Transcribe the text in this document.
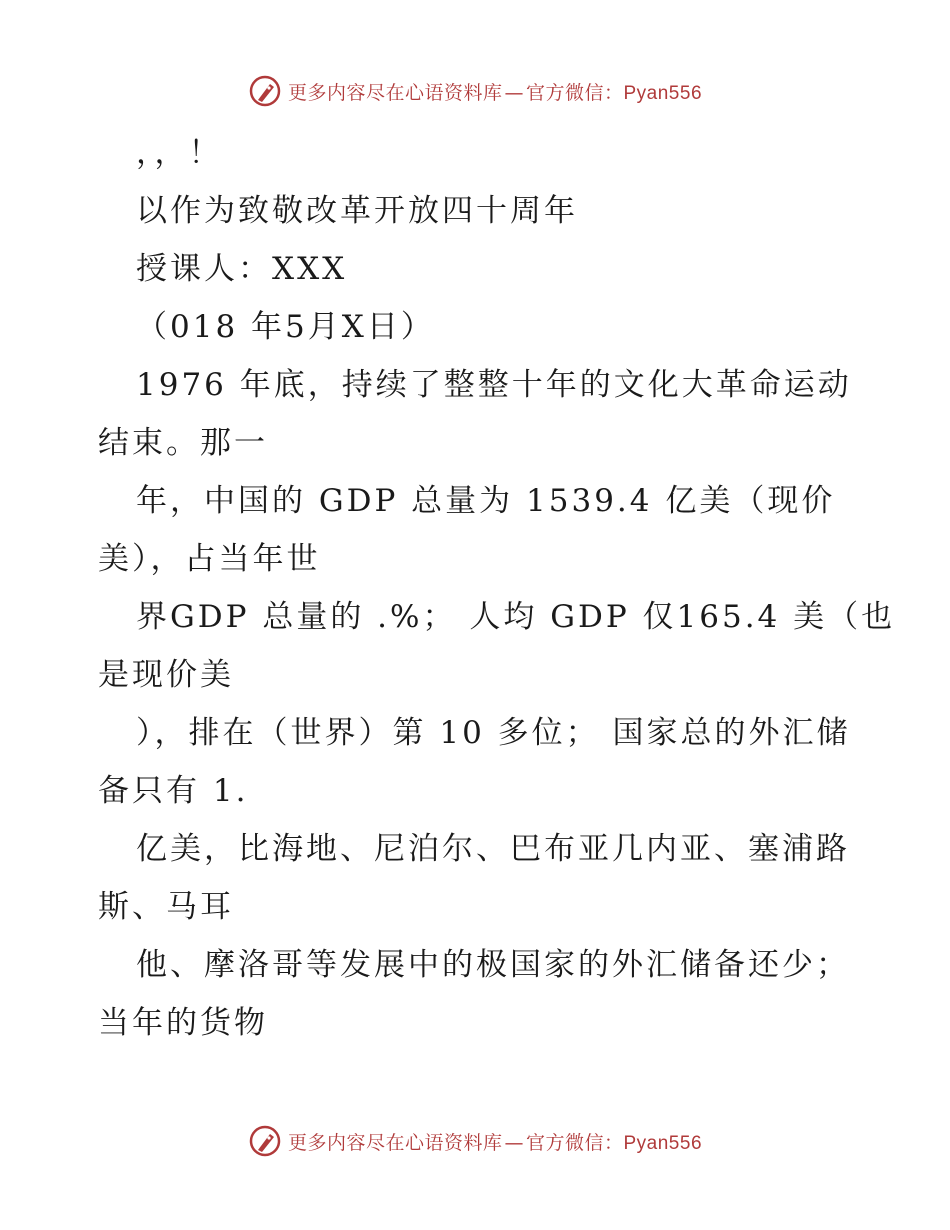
更多内容尽在心语资料库 — 官方微信：Pyan556

，，！

以作为致敬改革开放四十周年

授课人：XXX

（018 年5月X日）

1976 年底，持续了整整十年的文化大革命运动

结束。那一

年，中国的 GDP 总量为 1539.4 亿美（现价

美），占当年世

界GDP 总量的 .%； 人均 GDP 仅165.4 美（也

是现价美

），排在（世界）第 10 多位； 国家总的外汇储

备只有 1.

亿美，比海地、尼泊尔、巴布亚几内亚、塞浦路

斯、马耳

他、摩洛哥等发展中的极国家的外汇储备还少；

当年的货物

更多内容尽在心语资料库 — 官方微信：Pyan556
